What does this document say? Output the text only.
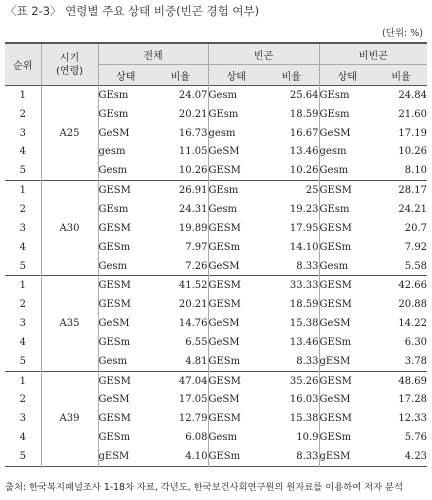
〈표 2-3〉 연령별 주요 상태 비중(빈곤 경험 여부)
(단위: %)
순위	시기
(연령)	전체		빈곤		비빈곤	
		상태	비율	상태	비율	상태	비율
1	A25	GEsm	24.07	Gesm	25.64	GEsm	24.84
2		GEsm	20.21	GEsm	18.59	GEsm	21.60
3		GeSM	16.73	gesm	16.67	GeSM	17.19
4		gesm	11.05	GeSM	13.46	gesm	10.26
5		Gesm	10.26	GESM	10.26	Gesm	8.10
1	A30	GESM	26.91	GEsm	25	GESM	28.17
2		GEsm	24.31	Gesm	19.23	GEsm	24.21
3		GESM	19.89	GESM	17.95	GESM	20.7
4		GESm	7.97	GESm	14.10	GESm	7.92
5		Gesm	7.26	GeSM	8.33	Gesm	5.58
1	A35	GESM	41.52	GESM	33.33	GESM	42.66
2		GESM	20.21	GESM	18.59	GESM	20.88
3		GeSM	14.76	GeSM	15.38	GeSM	14.22
4		GESm	6.55	GeSM	13.46	GESm	6.30
5		Gesm	4.81	GESm	8.33	gESM	3.78
1	A39	GESM	47.04	GESM	35.26	GESM	48.69
2		GeSM	17.05	GeSM	16.03	GeSM	17.28
3		GESM	12.79	GESM	15.38	GESM	12.33
4		GESm	6.08	Gesm	10.9	GESm	5.76
5		gESM	4.10	GESm	8.33	gESM	4.23
출처: 한국복지패널조사 1-18차 자료, 각년도, 한국보건사회연구원의 원자료를 이용하여 저자 분석
